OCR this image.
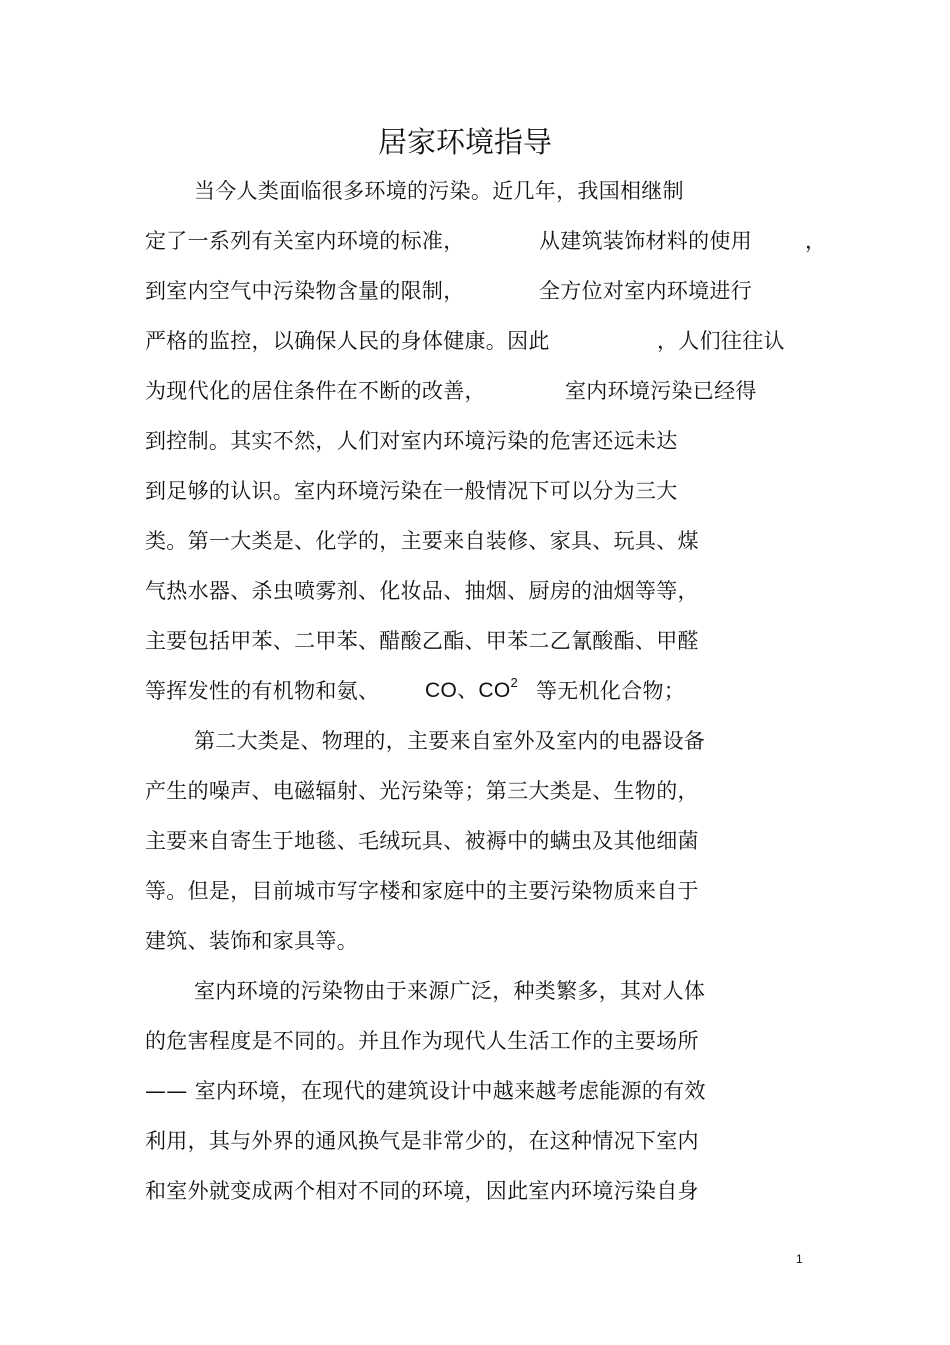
居家环境指导
当今人类面临很多环境的污染。近几年，我国相继制
定了一系列有关室内环境的标准，	从建筑装饰材料的使用	，
到室内空气中污染物含量的限制，	全方位对室内环境进行
严格的监控，以确保人民的身体健康。因此	，人们往往认
为现代化的居住条件在不断的改善，	室内环境污染已经得
到控制。其实不然，人们对室内环境污染的危害还远未达
到足够的认识。室内环境污染在一般情况下可以分为三大
类。第一大类是、化学的，主要来自装修、家具、玩具、煤
气热水器、杀虫喷雾剂、化妆品、抽烟、厨房的油烟等等，
主要包括甲苯、二甲苯、醋酸乙酯、甲苯二乙氰酸酯、甲醛
等挥发性的有机物和氨、 CO、$CO^2$ 等无机化合物；
第二大类是、物理的，主要来自室外及室内的电器设备
产生的噪声、电磁辐射、光污染等；第三大类是、生物的，
主要来自寄生于地毯、毛绒玩具、被褥中的螨虫及其他细菌
等。但是，目前城市写字楼和家庭中的主要污染物质来自于
建筑、装饰和家具等。
室内环境的污染物由于来源广泛，种类繁多，其对人体
的危害程度是不同的。并且作为现代人生活工作的主要场所
—— 室内环境，在现代的建筑设计中越来越考虑能源的有效
利用，其与外界的通风换气是非常少的，在这种情况下室内
和室外就变成两个相对不同的环境，因此室内环境污染自身
1
